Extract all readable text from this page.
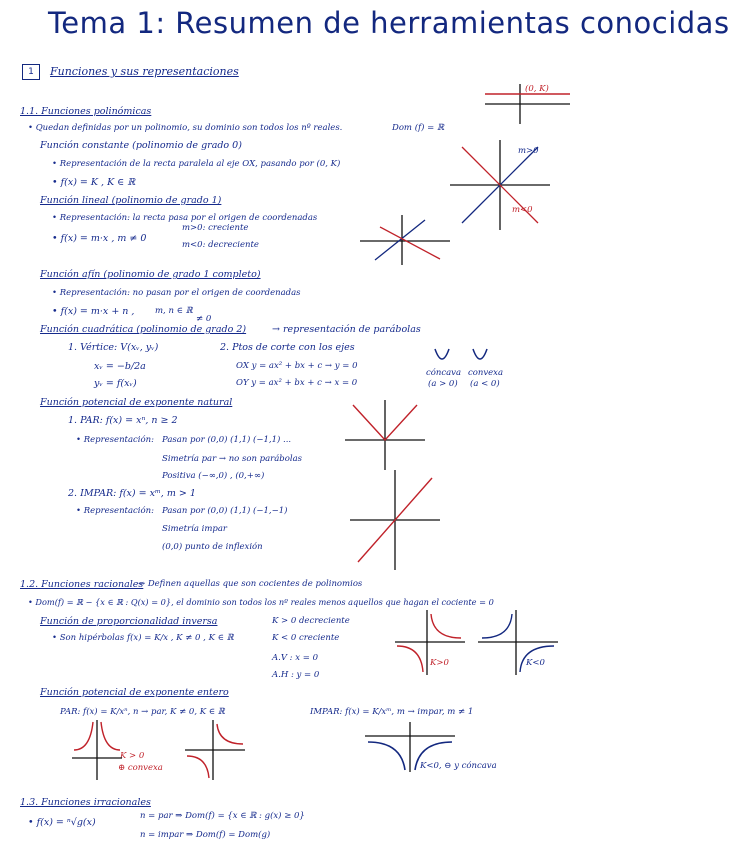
Tema 1: Resumen de herramientas conocidas
1	Funciones y sus representaciones
1.1. Funciones polinómicas
• Quedan definidas por un polinomio, su dominio son todos los nº reales.	Dom (f) = ℝ
Función constante (polinomio de grado 0)
• Representación de la recta paralela al eje OX, pasando por (0, K)
• f(x) = K , K ∈ ℝ
Función lineal (polinomio de grado 1)
• Representación: la recta pasa por el origen de coordenadas
• f(x) = m·x , m ≠ 0
m>0: creciente
m<0: decreciente
Función afín (polinomio de grado 1 completo)
• Representación: no pasan por el origen de coordenadas
• f(x) = m·x + n , m, n ∈ ℝ
≠ 0
Función cuadrática (polinomio de grado 2)	→ representación de parábolas
1. Vértice: V(xᵥ, yᵥ)
xᵥ = −b/2a
yᵥ = f(xᵥ)
2. Ptos de corte con los ejes
OX y = ax² + bx + c → y = 0
OY y = ax² + bx + c → x = 0
cóncava
(a > 0)
convexa
(a < 0)
Función potencial de exponente natural
1. PAR: f(x) = xⁿ, n ≥ 2
• Representación: Pasan por (0,0) (1,1) (−1,1) ...
Simetría par → no son parábolas
Positiva (−∞,0) , (0,+∞)
2. IMPAR: f(x) = xᵐ, m > 1
• Representación: Pasan por (0,0) (1,1) (−1,−1)
Simetría impar
(0,0) punto de inflexión
1.2. Funciones racionales
→ Definen aquellas que son cocientes de polinomios
• Dom(f) = ℝ − {x ∈ ℝ : Q(x) = 0}, el dominio son todos los nº reales menos aquellos que hagan el cociente = 0
Función de proporcionalidad inversa
• Son hipérbolas f(x) = K/x , K ≠ 0 , K ∈ ℝ
K > 0 decreciente
K < 0 creciente
A.V : x = 0
A.H : y = 0
Función potencial de exponente entero
PAR: f(x) = K/xⁿ, n → par, K ≠ 0, K ∈ ℝ	IMPAR: f(x) = K/xᵐ, m → impar, m ≠ 1
K > 0
⊕ convexa	K<0, ⊖ y cóncava
1.3. Funciones irracionales
• f(x) = ⁿ√g(x)
n = par ⇒ Dom(f) = {x ∈ ℝ : g(x) ≥ 0}
n = impar ⇒ Dom(f) = Dom(g)
(0, K)
m>0
m<0
K>0	K<0
